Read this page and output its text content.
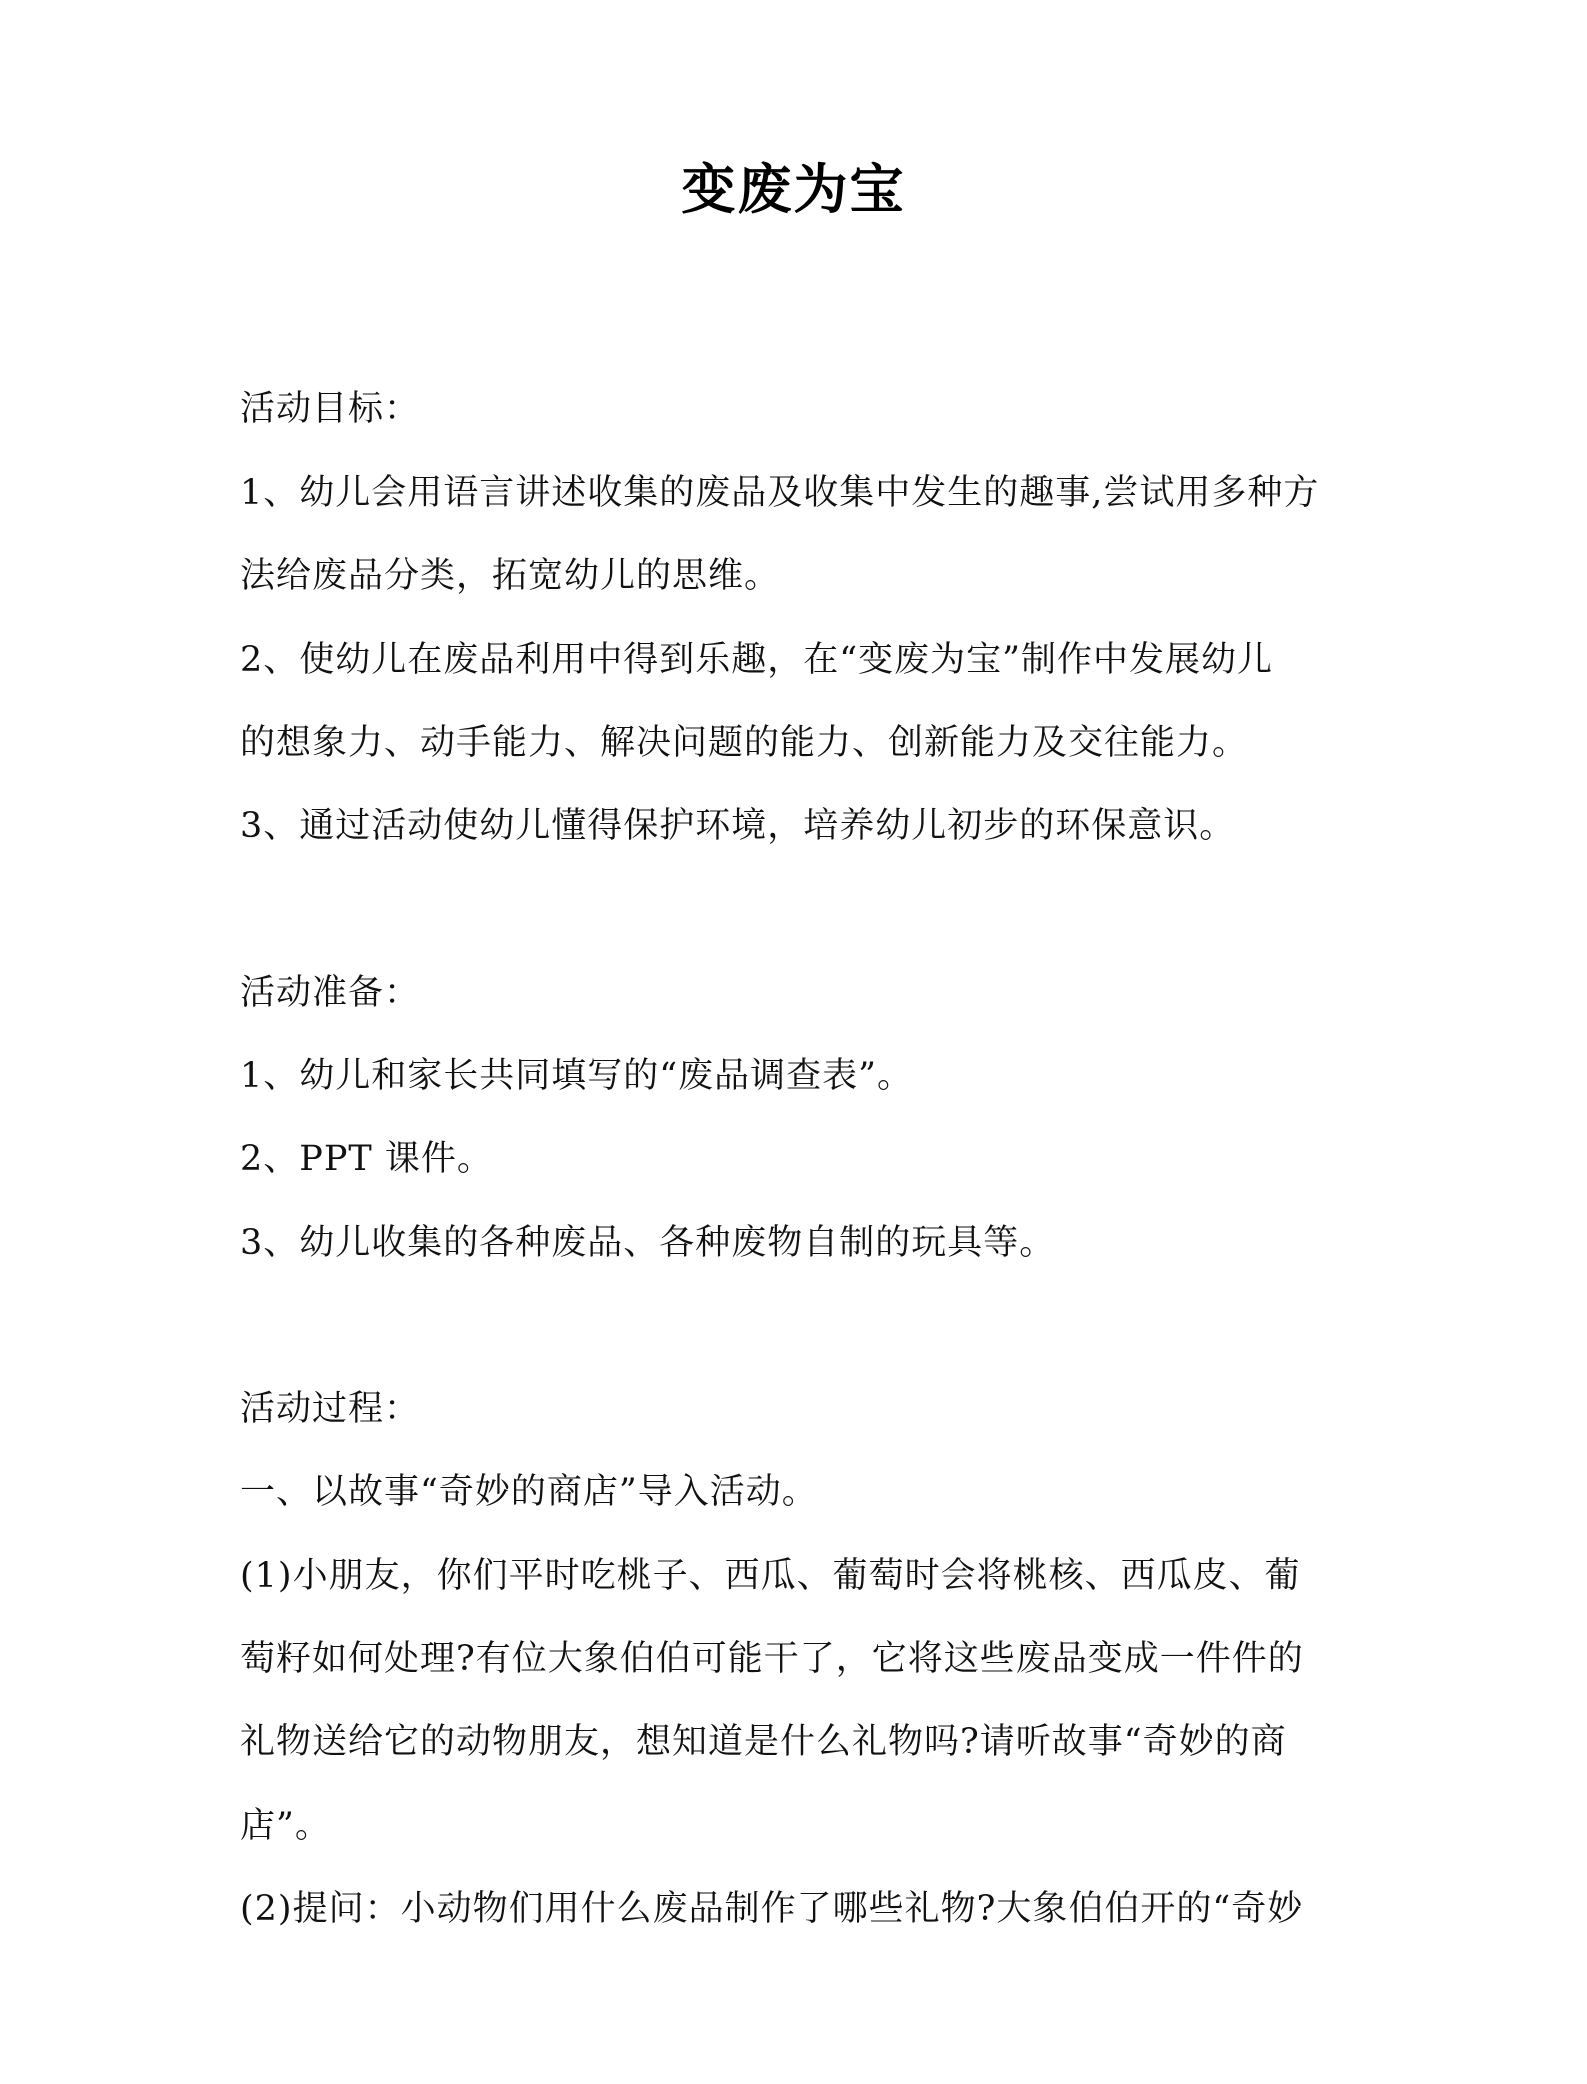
变废为宝
活动目标：
1、幼儿会用语言讲述收集的废品及收集中发生的趣事,尝试用多种方
法给废品分类，拓宽幼儿的思维。
2、使幼儿在废品利用中得到乐趣，在“变废为宝”制作中发展幼儿
的想象力、动手能力、解决问题的能力、创新能力及交往能力。
3、通过活动使幼儿懂得保护环境，培养幼儿初步的环保意识。
活动准备：
1、幼儿和家长共同填写的“废品调查表”。
2、PPT 课件。
3、幼儿收集的各种废品、各种废物自制的玩具等。
活动过程：
一、以故事“奇妙的商店”导入活动。
(1)小朋友，你们平时吃桃子、西瓜、葡萄时会将桃核、西瓜皮、葡
萄籽如何处理?有位大象伯伯可能干了，它将这些废品变成一件件的
礼物送给它的动物朋友，想知道是什么礼物吗?请听故事“奇妙的商
店”。
(2)提问：小动物们用什么废品制作了哪些礼物?大象伯伯开的“奇妙
